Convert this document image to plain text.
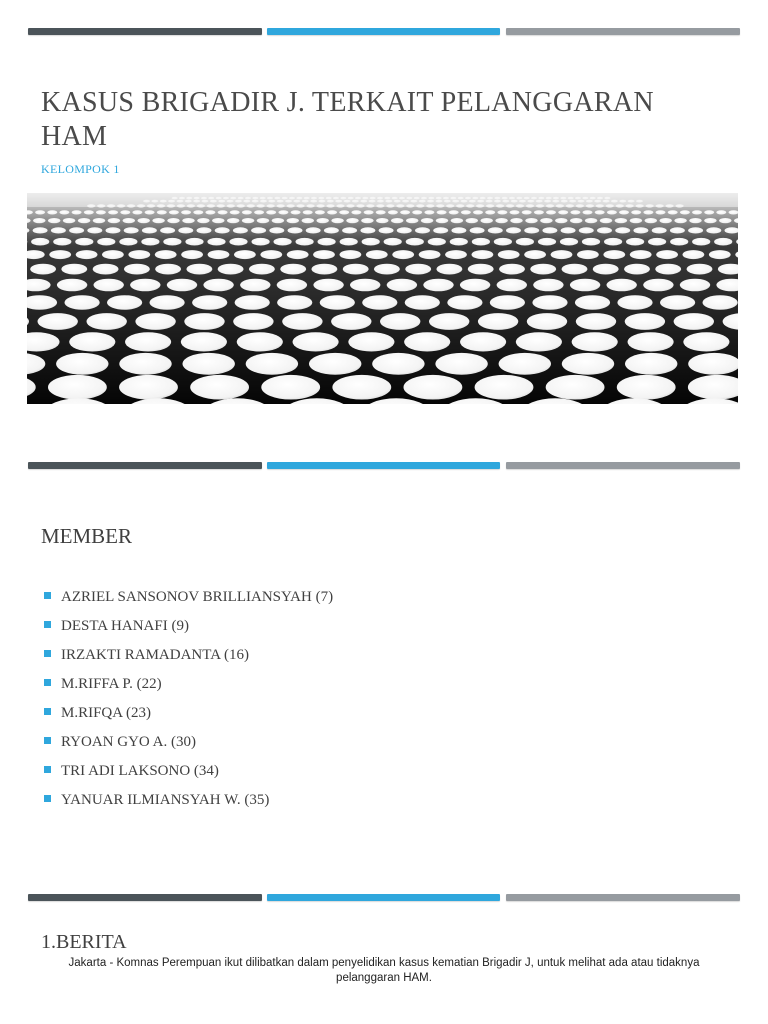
KASUS BRIGADIR J. TERKAIT PELANGGARAN HAM
KELOMPOK 1
MEMBER
AZRIEL SANSONOV BRILLIANSYAH (7)
DESTA HANAFI (9)
IRZAKTI RAMADANTA (16)
M.RIFFA P. (22)
M.RIFQA (23)
RYOAN GYO A. (30)
TRI ADI LAKSONO (34)
YANUAR ILMIANSYAH W. (35)
1.BERITA

Jakarta - Komnas Perempuan ikut dilibatkan dalam penyelidikan kasus kematian Brigadir J, untuk melihat ada atau tidaknya pelanggaran HAM.
